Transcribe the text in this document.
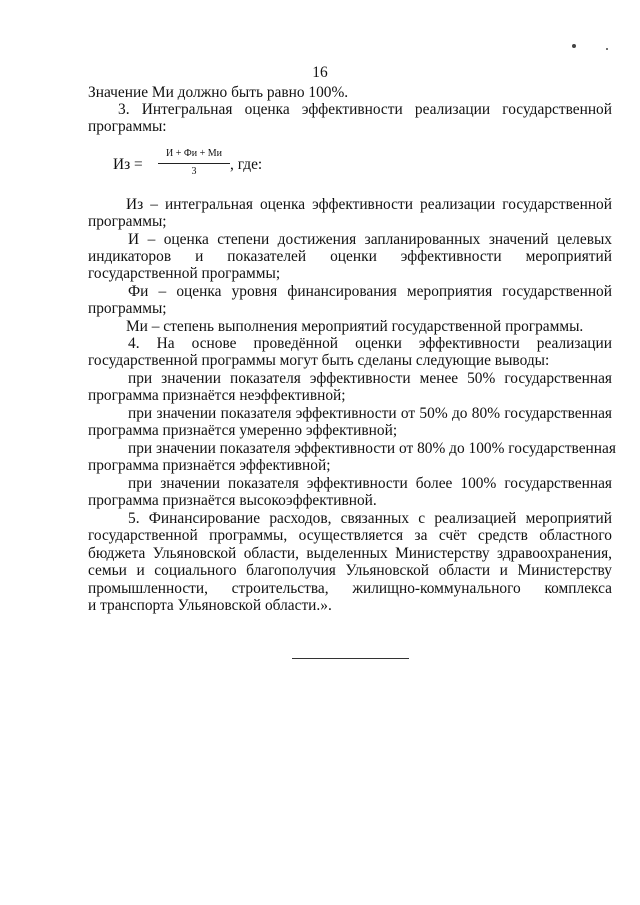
16
Значение Ми должно быть равно 100%.
3. Интегральная оценка эффективности реализации государственной
программы:
Из =
И + Фи + Ми
3	, где:
Из – интегральная оценка эффективности реализации государственной
программы;
И – оценка степени достижения запланированных значений целевых
индикаторов и показателей оценки эффективности мероприятий
государственной программы;
Фи – оценка уровня финансирования мероприятия государственной
программы;
Ми – степень выполнения мероприятий государственной программы.
4. На основе проведённой оценки эффективности реализации
государственной программы могут быть сделаны следующие выводы:
при значении показателя эффективности менее 50% государственная
программа признаётся неэффективной;
при значении показателя эффективности от 50% до 80% государственная
программа признаётся умеренно эффективной;
при значении показателя эффективности от 80% до 100% государственная
программа признаётся эффективной;
при значении показателя эффективности более 100% государственная
программа признаётся высокоэффективной.
5. Финансирование расходов, связанных с реализацией мероприятий
государственной программы, осуществляется за счёт средств областного
бюджета Ульяновской области, выделенных Министерству здравоохранения,
семьи и социального благополучия Ульяновской области и Министерству
промышленности, строительства, жилищно-коммунального комплекса
и транспорта Ульяновской области.».
